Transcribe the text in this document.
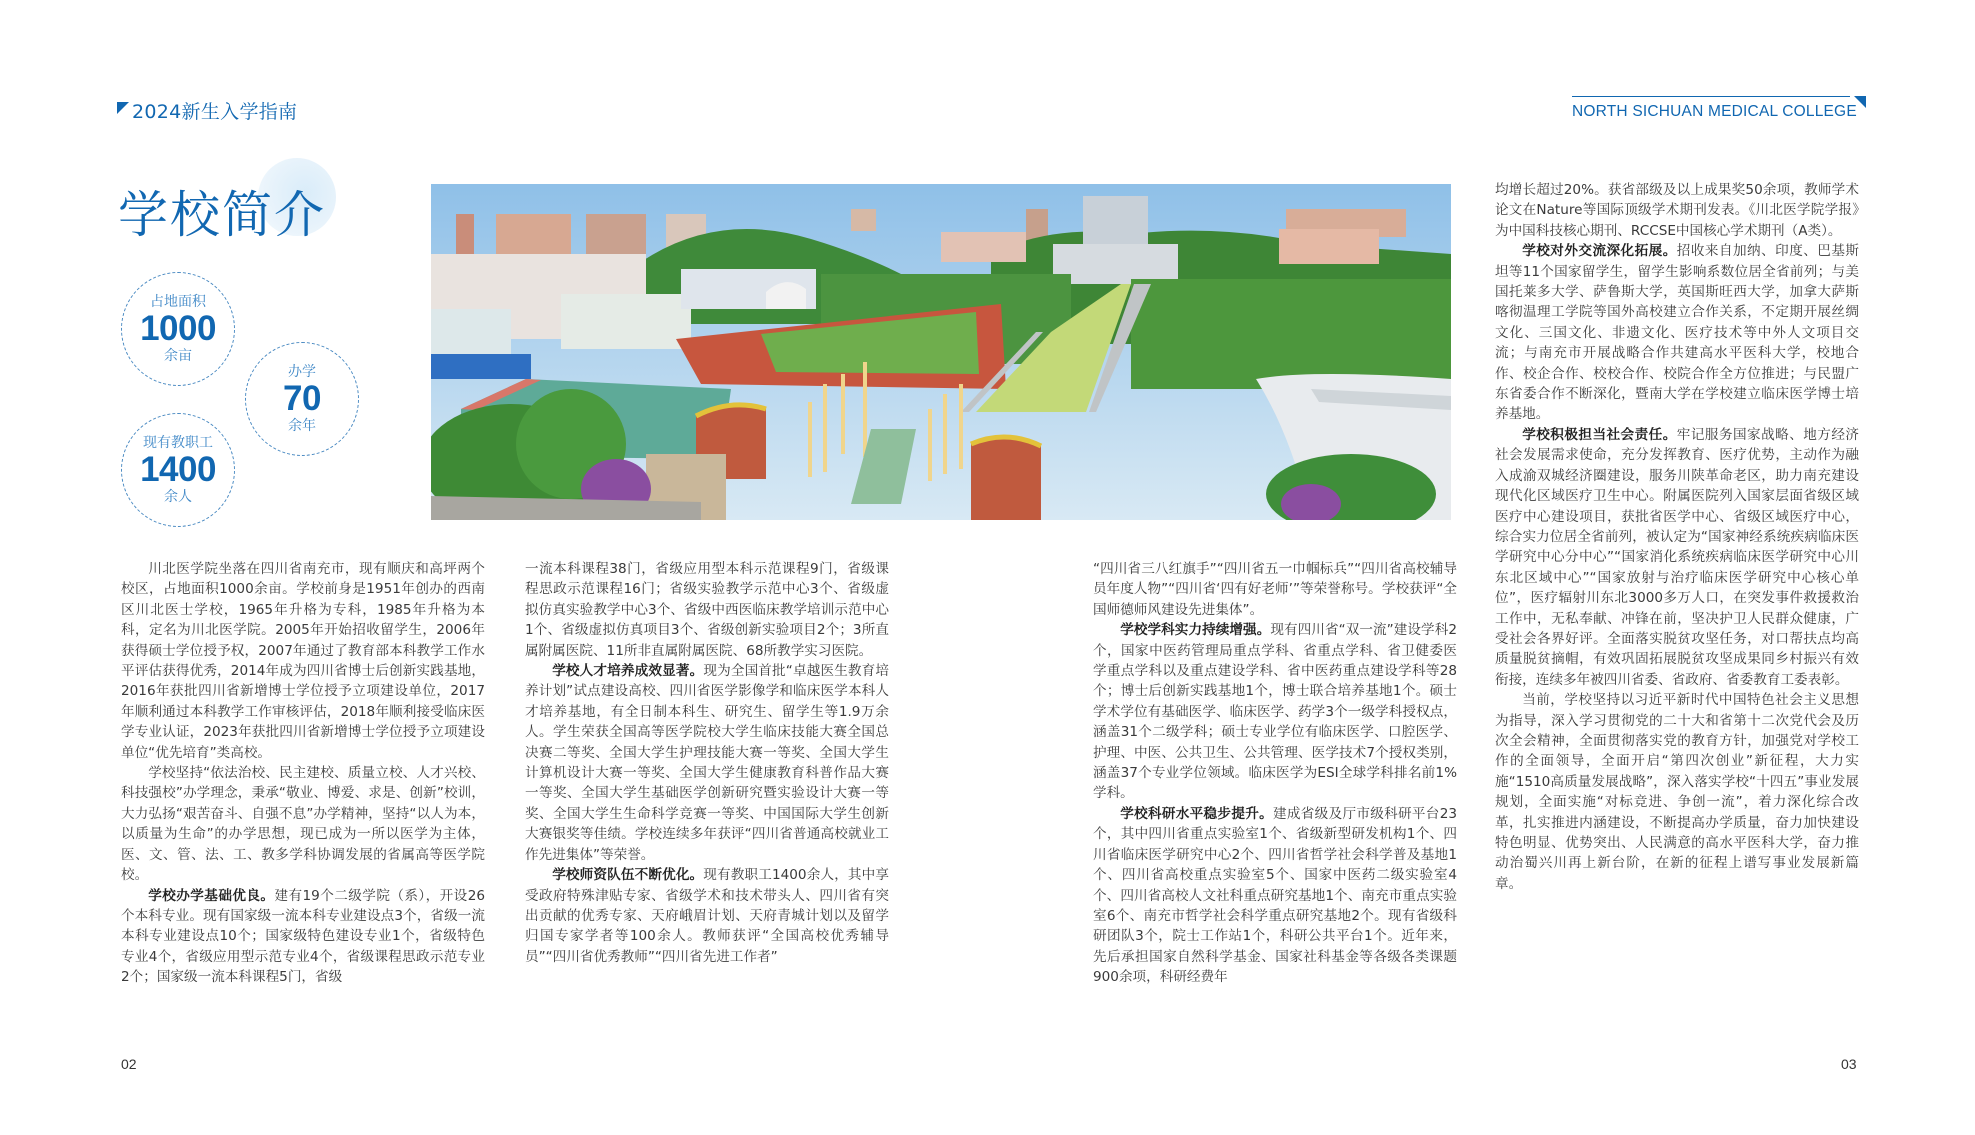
2024新生入学指南	NORTH SICHUAN MEDICAL COLLEGE
学校简介
占地面积
1000
余亩
办学
70
余年
现有教职工
1400
余人

川北医学院坐落在四川省南充市，现有顺庆和高坪两个校区，占地面积1000余亩。学校前身是1951年创办的西南区川北医士学校，1965年升格为专科，1985年升格为本科，定名为川北医学院。2005年开始招收留学生，2006年获得硕士学位授予权，2007年通过了教育部本科教学工作水平评估获得优秀，2014年成为四川省博士后创新实践基地，2016年获批四川省新增博士学位授予立项建设单位，2017年顺利通过本科教学工作审核评估，2018年顺利接受临床医学专业认证，2023年获批四川省新增博士学位授予立项建设单位“优先培育”类高校。

学校坚持“依法治校、民主建校、质量立校、人才兴校、科技强校”办学理念，秉承“敬业、博爱、求是、创新”校训，大力弘扬“艰苦奋斗、自强不息”办学精神，坚持“以人为本，以质量为生命”的办学思想，现已成为一所以医学为主体，医、文、管、法、工、教多学科协调发展的省属高等医学院校。

学校办学基础优良。建有19个二级学院（系），开设26个本科专业。现有国家级一流本科专业建设点3个，省级一流本科专业建设点10个；国家级特色建设专业1个，省级特色专业4个，省级应用型示范专业4个，省级课程思政示范专业2个；国家级一流本科课程5门，省级

一流本科课程38门，省级应用型本科示范课程9门，省级课程思政示范课程16门；省级实验教学示范中心3个、省级虚拟仿真实验教学中心3个、省级中西医临床教学培训示范中心1个、省级虚拟仿真项目3个、省级创新实验项目2个；3所直属附属医院、11所非直属附属医院、68所教学实习医院。

学校人才培养成效显著。现为全国首批“卓越医生教育培养计划”试点建设高校、四川省医学影像学和临床医学本科人才培养基地，有全日制本科生、研究生、留学生等1.9万余人。学生荣获全国高等医学院校大学生临床技能大赛全国总决赛二等奖、全国大学生护理技能大赛一等奖、全国大学生计算机设计大赛一等奖、全国大学生健康教育科普作品大赛一等奖、全国大学生基础医学创新研究暨实验设计大赛一等奖、全国大学生生命科学竞赛一等奖、中国国际大学生创新大赛银奖等佳绩。学校连续多年获评“四川省普通高校就业工作先进集体”等荣誉。

学校师资队伍不断优化。现有教职工1400余人，其中享受政府特殊津贴专家、省级学术和技术带头人、四川省有突出贡献的优秀专家、天府峨眉计划、天府青城计划以及留学归国专家学者等100余人。教师获评“全国高校优秀辅导员”“四川省优秀教师”“四川省先进工作者”

“四川省三八红旗手”“四川省五一巾帼标兵”“四川省高校辅导员年度人物”“四川省‘四有好老师’”等荣誉称号。学校获评“全国师德师风建设先进集体”。

学校学科实力持续增强。现有四川省“双一流”建设学科2个，国家中医药管理局重点学科、省重点学科、省卫健委医学重点学科以及重点建设学科、省中医药重点建设学科等28个；博士后创新实践基地1个，博士联合培养基地1个。硕士学术学位有基础医学、临床医学、药学3个一级学科授权点，涵盖31个二级学科；硕士专业学位有临床医学、口腔医学、护理、中医、公共卫生、公共管理、医学技术7个授权类别，涵盖37个专业学位领域。临床医学为ESI全球学科排名前1%学科。

学校科研水平稳步提升。建成省级及厅市级科研平台23个，其中四川省重点实验室1个、省级新型研发机构1个、四川省临床医学研究中心2个、四川省哲学社会科学普及基地1个、四川省高校重点实验室5个、国家中医药二级实验室4个、四川省高校人文社科重点研究基地1个、南充市重点实验室6个、南充市哲学社会科学重点研究基地2个。现有省级科研团队3个，院士工作站1个，科研公共平台1个。近年来，先后承担国家自然科学基金、国家社科基金等各级各类课题900余项，科研经费年

均增长超过20%。获省部级及以上成果奖50余项，教师学术论文在Nature等国际顶级学术期刊发表。《川北医学院学报》为中国科技核心期刊、RCCSE中国核心学术期刊（A类）。

学校对外交流深化拓展。招收来自加纳、印度、巴基斯坦等11个国家留学生，留学生影响系数位居全省前列；与美国托莱多大学、萨鲁斯大学，英国斯旺西大学，加拿大萨斯喀彻温理工学院等国外高校建立合作关系，不定期开展丝绸文化、三国文化、非遗文化、医疗技术等中外人文项目交流；与南充市开展战略合作共建高水平医科大学，校地合作、校企合作、校校合作、校院合作全方位推进；与民盟广东省委合作不断深化，暨南大学在学校建立临床医学博士培养基地。

学校积极担当社会责任。牢记服务国家战略、地方经济社会发展需求使命，充分发挥教育、医疗优势，主动作为融入成渝双城经济圈建设，服务川陕革命老区，助力南充建设现代化区域医疗卫生中心。附属医院列入国家层面省级区域医疗中心建设项目，获批省医学中心、省级区域医疗中心，综合实力位居全省前列，被认定为“国家神经系统疾病临床医学研究中心分中心”“国家消化系统疾病临床医学研究中心川东北区域中心”“国家放射与治疗临床医学研究中心核心单位”，医疗辐射川东北3000多万人口，在突发事件救援救治工作中，无私奉献、冲锋在前，坚决护卫人民群众健康，广受社会各界好评。全面落实脱贫攻坚任务，对口帮扶点均高质量脱贫摘帽，有效巩固拓展脱贫攻坚成果同乡村振兴有效衔接，连续多年被四川省委、省政府、省委教育工委表彰。

当前，学校坚持以习近平新时代中国特色社会主义思想为指导，深入学习贯彻党的二十大和省第十二次党代会及历次全会精神，全面贯彻落实党的教育方针，加强党对学校工作的全面领导，全面开启“第四次创业”新征程，大力实施“1510高质量发展战略”，深入落实学校“十四五”事业发展规划，全面实施“对标竞进、争创一流”，着力深化综合改革，扎实推进内涵建设，不断提高办学质量，奋力加快建设特色明显、优势突出、人民满意的高水平医科大学，奋力推动治蜀兴川再上新台阶，在新的征程上谱写事业发展新篇章。

02	03
